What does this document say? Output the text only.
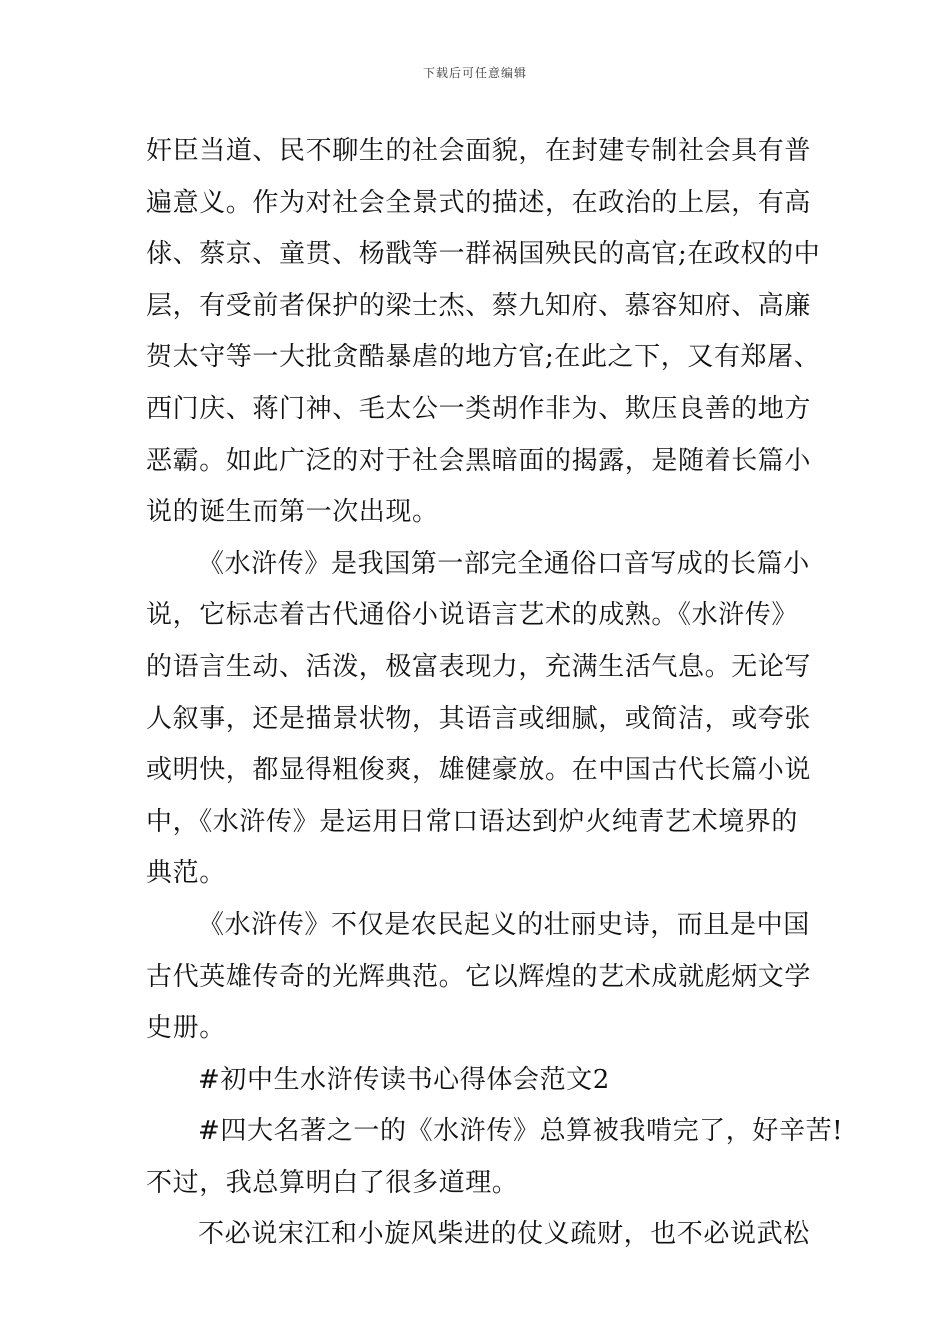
下载后可任意编辑
奸臣当道、民不聊生的社会面貌，在封建专制社会具有普
遍意义。作为对社会全景式的描述，在政治的上层，有高
俅、蔡京、童贯、杨戬等一群祸国殃民的高官;在政权的中
层，有受前者保护的梁士杰、蔡九知府、慕容知府、高廉
贺太守等一大批贪酷暴虐的地方官;在此之下，又有郑屠、
西门庆、蒋门神、毛太公一类胡作非为、欺压良善的地方
恶霸。如此广泛的对于社会黑暗面的揭露，是随着长篇小
说的诞生而第一次出现。
《水浒传》是我国第一部完全通俗口音写成的长篇小
说，它标志着古代通俗小说语言艺术的成熟。《水浒传》
的语言生动、活泼，极富表现力，充满生活气息。无论写
人叙事，还是描景状物，其语言或细腻，或简洁，或夸张
或明快，都显得粗俊爽，雄健豪放。在中国古代长篇小说
中，《水浒传》是运用日常口语达到炉火纯青艺术境界的
典范。
《水浒传》不仅是农民起义的壮丽史诗，而且是中国
古代英雄传奇的光辉典范。它以辉煌的艺术成就彪炳文学
史册。
#初中生水浒传读书心得体会范文2
#四大名著之一的《水浒传》总算被我啃完了，好辛苦!
不过，我总算明白了很多道理。
不必说宋江和小旋风柴进的仗义疏财，也不必说武松
